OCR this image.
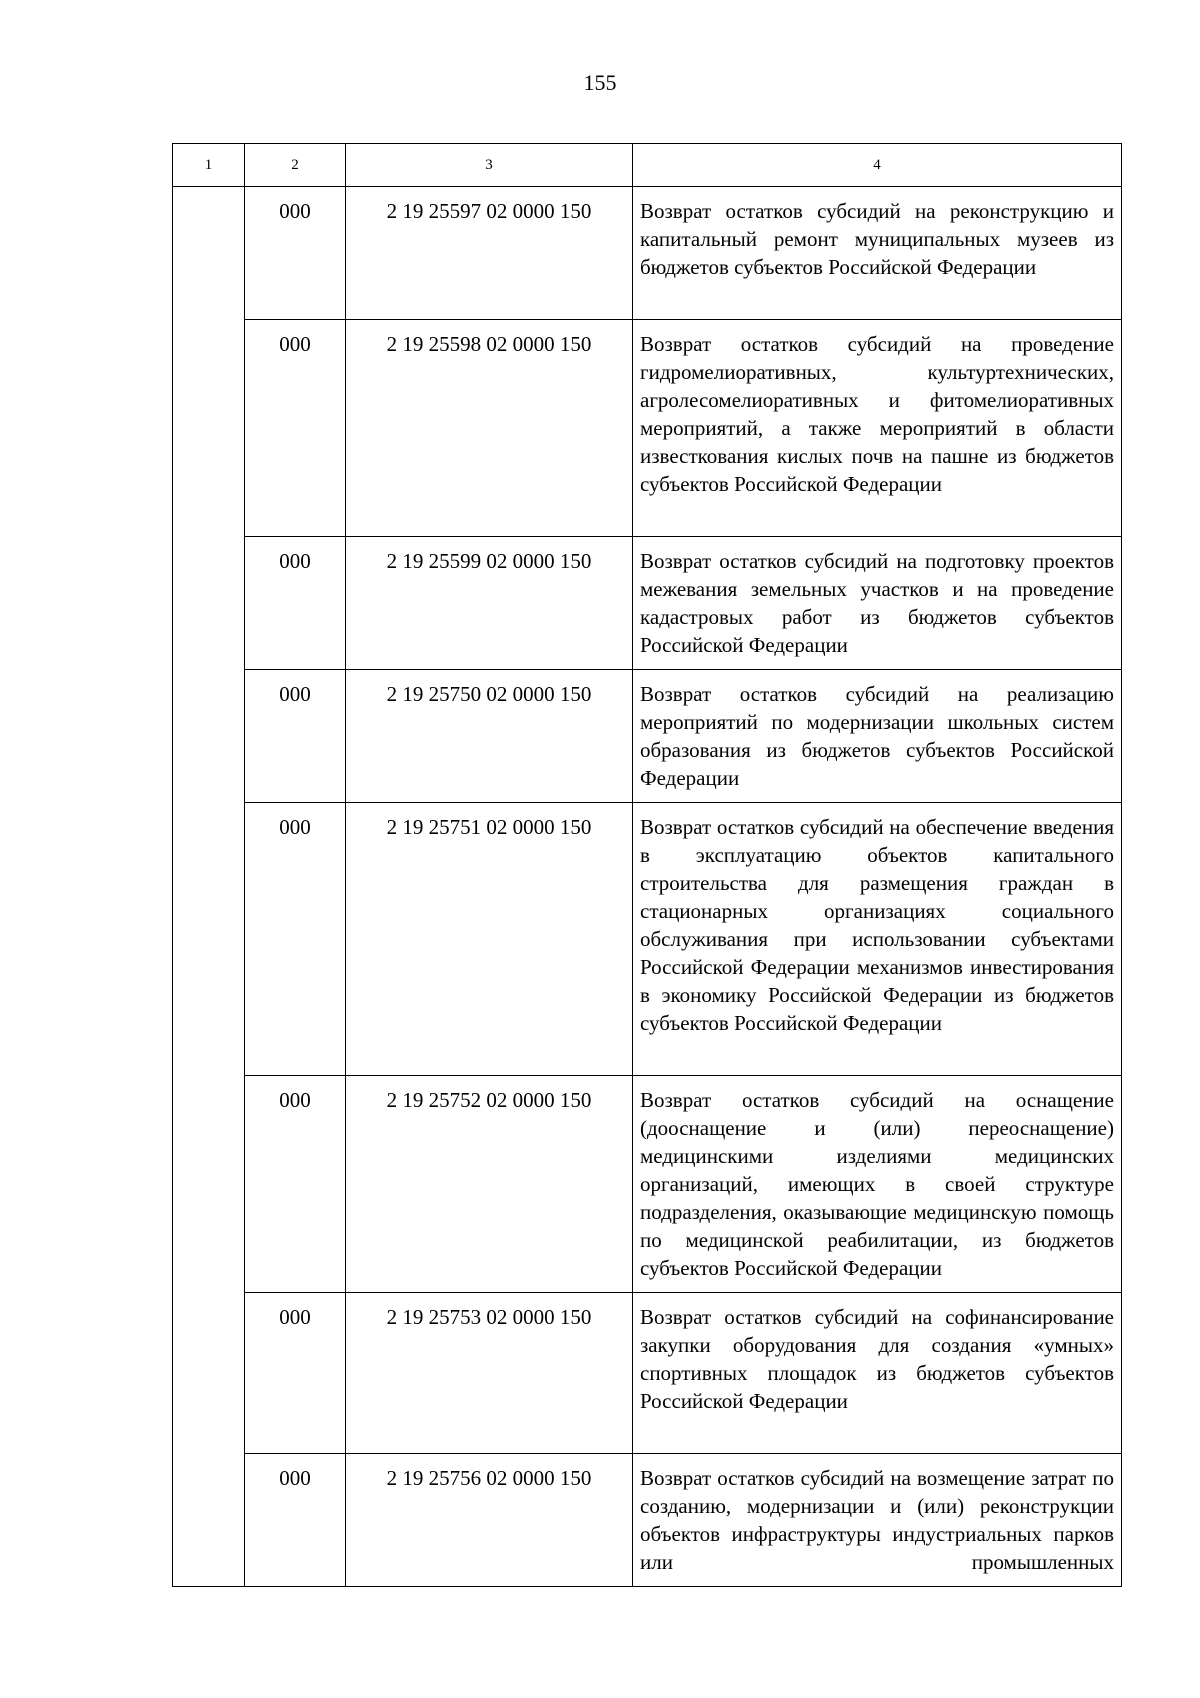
155
1	2	3	4
	000	2 19 25597 02 0000 150	Возврат остатков субсидий на реконструкцию и капитальный ремонт муниципальных музеев из бюджетов субъектов Российской Федерации
	000	2 19 25598 02 0000 150	Возврат остатков субсидий на проведение гидромелиоративных, культуртехнических, агролесомелиоративных и фитомелиоративных мероприятий, а также мероприятий в области известкования кислых почв на пашне из бюджетов субъектов Российской Федерации
	000	2 19 25599 02 0000 150	Возврат остатков субсидий на подготовку проектов межевания земельных участков и на проведение кадастровых работ из бюджетов субъектов Российской Федерации
	000	2 19 25750 02 0000 150	Возврат остатков субсидий на реализацию мероприятий по модернизации школьных систем образования из бюджетов субъектов Российской Федерации
	000	2 19 25751 02 0000 150	Возврат остатков субсидий на обеспечение введения в эксплуатацию объектов капитального строительства для размещения граждан в стационарных организациях социального обслуживания при использовании субъектами Российской Федерации механизмов инвестирования в экономику Российской Федерации из бюджетов субъектов Российской Федерации
	000	2 19 25752 02 0000 150	Возврат остатков субсидий на оснащение (дооснащение и (или) переоснащение) медицинскими изделиями медицинских организаций, имеющих в своей структуре подразделения, оказывающие медицинскую помощь по медицинской реабилитации, из бюджетов субъектов Российской Федерации
	000	2 19 25753 02 0000 150	Возврат остатков субсидий на софинансирование закупки оборудования для создания «умных» спортивных площадок из бюджетов субъектов Российской Федерации
	000	2 19 25756 02 0000 150	Возврат остатков субсидий на возмещение затрат по созданию, модернизации и (или) реконструкции объектов инфраструктуры индустриальных парков или промышленных
